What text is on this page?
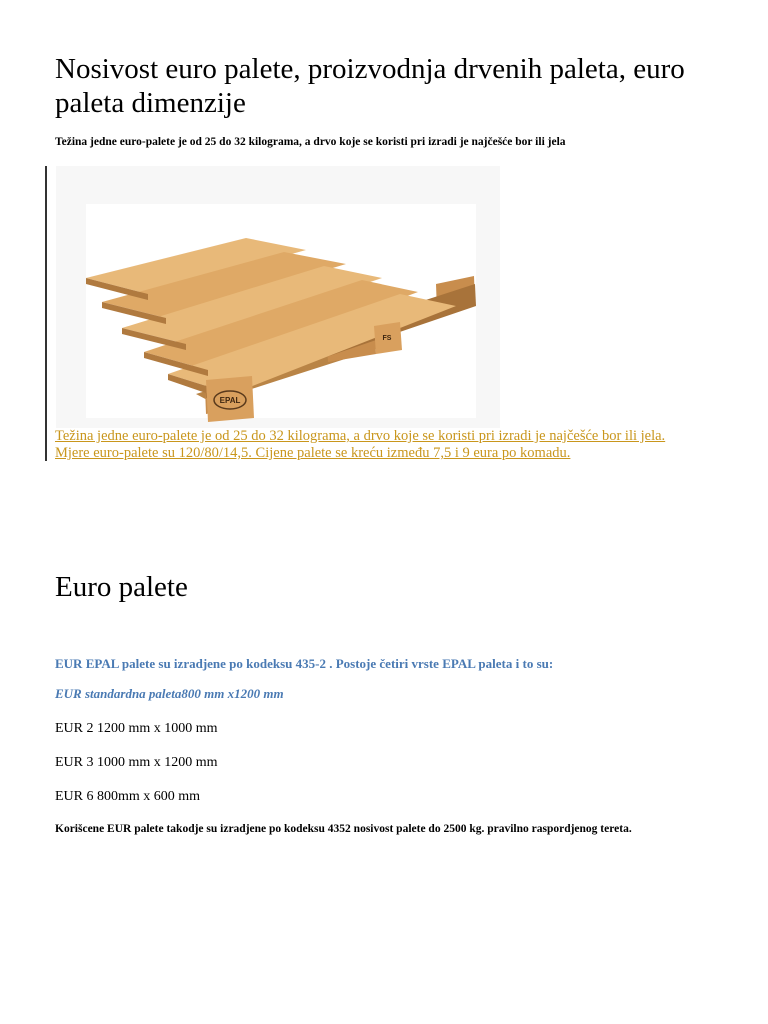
Nosivost euro palete, proizvodnja drvenih paleta, euro paleta dimenzije

Težina jedne euro-palete je od 25 do 32 kilograma, a drvo koje se koristi pri izradi je najčešće bor ili jela

EPAL
FS

Težina jedne euro-palete je od 25 do 32 kilograma, a drvo koje se koristi pri izradi je najčešće bor ili jela.
Mjere euro-palete su 120/80/14,5. Cijene palete se kreću između 7,5 i 9 eura po komadu.

Euro palete

EUR EPAL palete su izradjene po kodeksu 435-2 . Postoje četiri vrste EPAL paleta i to su:

EUR standardna paleta800 mm x1200 mm

EUR 2 1200 mm x 1000 mm

EUR 3 1000 mm x 1200 mm

EUR 6 800mm x 600 mm

Korišcene EUR palete takodje su izradjene po kodeksu 4352 nosivost palete do 2500 kg. pravilno raspordjenog tereta.
